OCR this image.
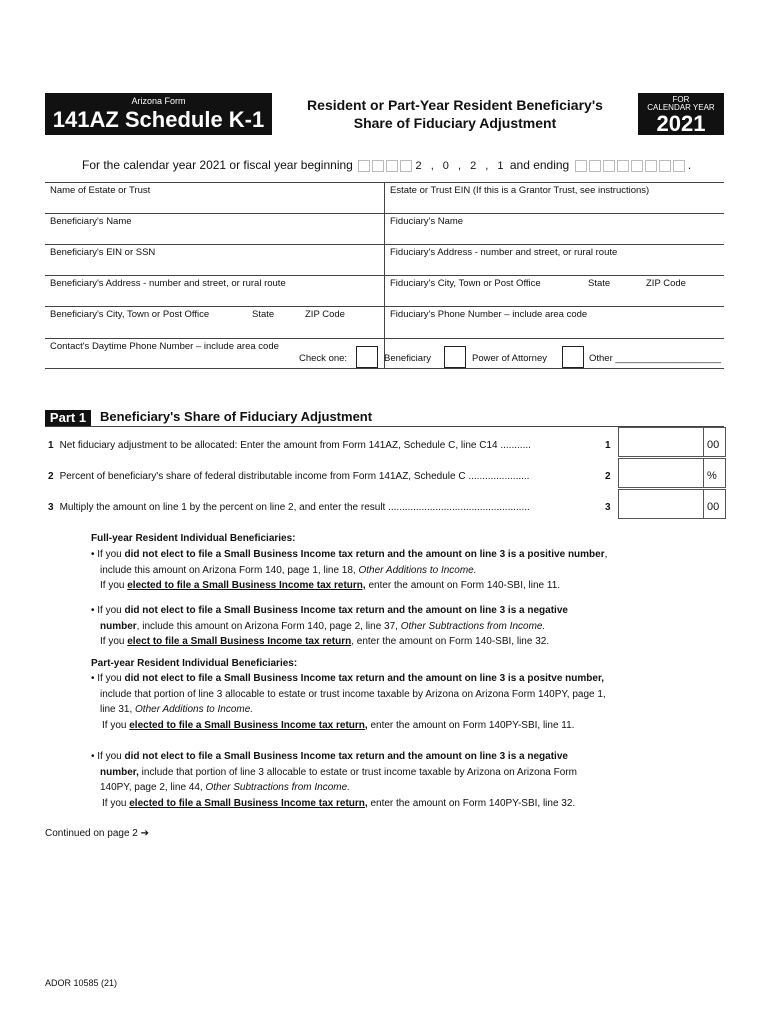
Arizona Form
141AZ Schedule K-1
Resident or Part-Year Resident Beneficiary's
Share of Fiduciary Adjustment
FOR
CALENDAR YEAR
2021
For the calendar year 2021 or fiscal year beginning	2 , 0 , 2 , 1 and ending	.
Name of Estate or Trust	Estate or Trust EIN (If this is a Grantor Trust, see instructions)
Beneficiary's Name	Fiduciary's Name
Beneficiary's EIN or SSN	Fiduciary's Address - number and street, or rural route
Beneficiary's Address - number and street, or rural route	Fiduciary's City, Town or Post Office	State	ZIP Code
Beneficiary's City, Town or Post Office	State	ZIP Code	Fiduciary's Phone Number – include area code
Contact's Daytime Phone Number – include area code
Check one:	Beneficiary	Power of Attorney	Other ____________________
Part 1	Beneficiary's Share of Fiduciary Adjustment
1 Net fiduciary adjustment to be allocated: Enter the amount from Form 141AZ, Schedule C, line C14 ...........	1	00
2 Percent of beneficiary's share of federal distributable income from Form 141AZ, Schedule C ......................	2	%
3 Multiply the amount on line 1 by the percent on line 2, and enter the result ...................................................	3	00
Full-year Resident Individual Beneficiaries:
• If you did not elect to file a Small Business Income tax return and the amount on line 3 is a positive number,
include this amount on Arizona Form 140, page 1, line 18, Other Additions to Income.
If you elected to file a Small Business Income tax return, enter the amount on Form 140-SBI, line 11.
• If you did not elect to file a Small Business Income tax return and the amount on line 3 is a negative
number, include this amount on Arizona Form 140, page 2, line 37, Other Subtractions from Income.
If you elect to file a Small Business Income tax return, enter the amount on Form 140-SBI, line 32.
Part-year Resident Individual Beneficiaries:
• If you did not elect to file a Small Business Income tax return and the amount on line 3 is a positve number,
include that portion of line 3 allocable to estate or trust income taxable by Arizona on Arizona Form 140PY, page 1,
line 31, Other Additions to Income.
If you elected to file a Small Business Income tax return, enter the amount on Form 140PY-SBI, line 11.
• If you did not elect to file a Small Business Income tax return and the amount on line 3 is a negative
number, include that portion of line 3 allocable to estate or trust income taxable by Arizona on Arizona Form
140PY, page 2, line 44, Other Subtractions from Income.
If you elected to file a Small Business Income tax return, enter the amount on Form 140PY-SBI, line 32.
Continued on page 2 ➔
ADOR 10585 (21)
